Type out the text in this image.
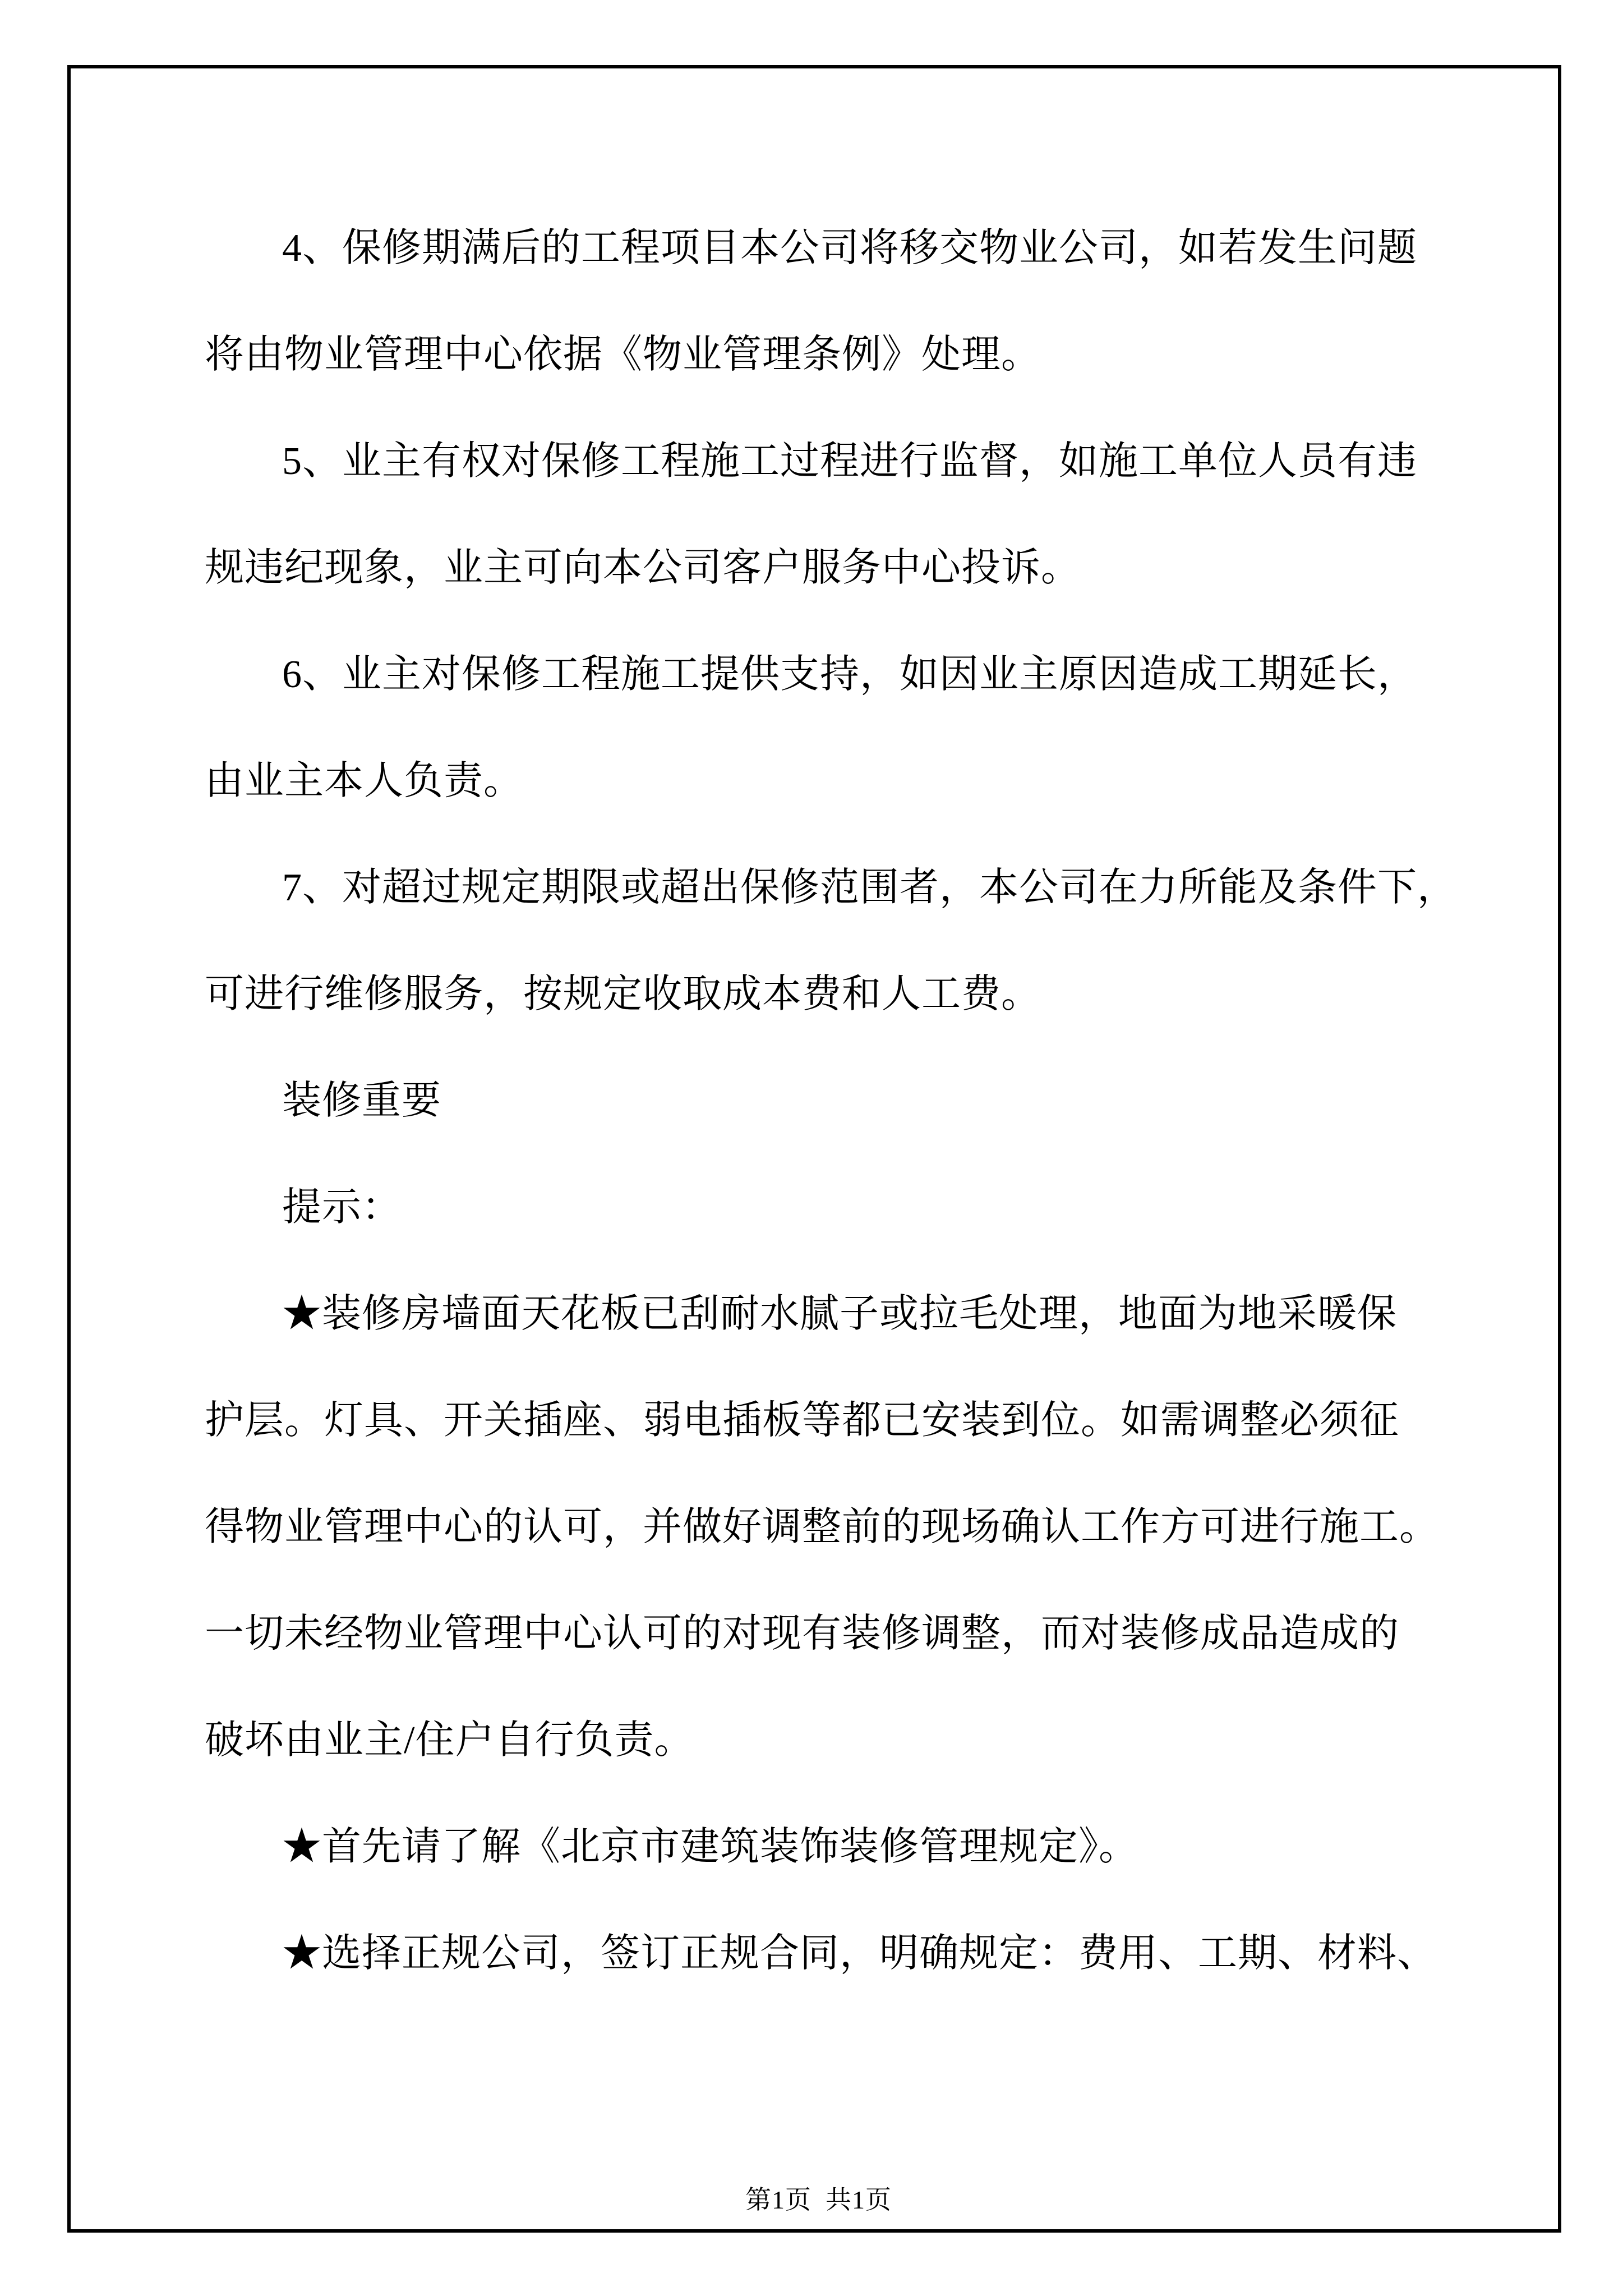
4、保修期满后的工程项目本公司将移交物业公司，如若发生问题
将由物业管理中心依据《物业管理条例》处理。
5、业主有权对保修工程施工过程进行监督，如施工单位人员有违
规违纪现象，业主可向本公司客户服务中心投诉。
6、业主对保修工程施工提供支持，如因业主原因造成工期延长，
由业主本人负责。
7、对超过规定期限或超出保修范围者，本公司在力所能及条件下，
可进行维修服务，按规定收取成本费和人工费。
装修重要
提示：
★装修房墙面天花板已刮耐水腻子或拉毛处理，地面为地采暖保
护层。灯具、开关插座、弱电插板等都已安装到位。如需调整必须征
得物业管理中心的认可，并做好调整前的现场确认工作方可进行施工。
一切未经物业管理中心认可的对现有装修调整，而对装修成品造成的
破坏由业主/住户自行负责。
★首先请了解《北京市建筑装饰装修管理规定》。
★选择正规公司，签订正规合同，明确规定：费用、工期、材料、

第1页  共1页
